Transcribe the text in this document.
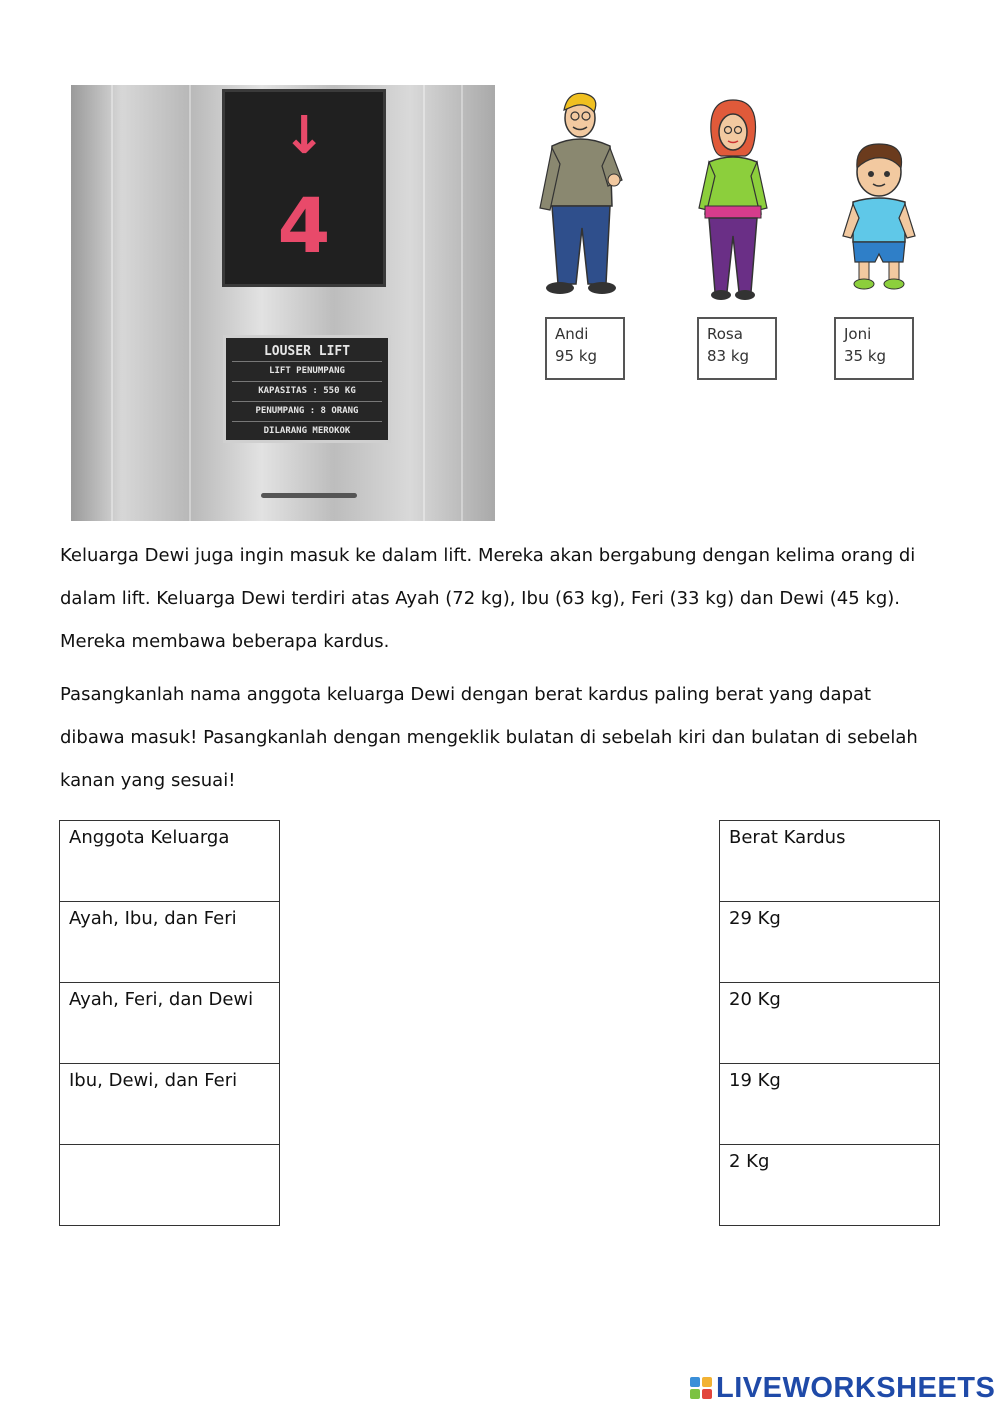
↓
4
LOUSER LIFT
LIFT PENUMPANG
KAPASITAS : 550 KG
PENUMPANG : 8 ORANG
DILARANG MEROKOK
Andi
95 kg
Rosa
83 kg
Joni
35 kg
Keluarga Dewi juga ingin masuk ke dalam lift. Mereka akan bergabung dengan kelima orang di dalam lift. Keluarga Dewi terdiri atas Ayah (72 kg), Ibu (63 kg), Feri (33 kg) dan Dewi (45 kg). Mereka membawa beberapa kardus.
Pasangkanlah nama anggota keluarga Dewi dengan berat kardus paling berat yang dapat dibawa masuk! Pasangkanlah dengan mengeklik bulatan di sebelah kiri dan bulatan di sebelah kanan yang sesuai!
Anggota Keluarga
Ayah, Ibu, dan Feri
Ayah, Feri, dan Dewi
Ibu, Dewi, dan Feri

Berat Kardus
29 Kg
20 Kg
19 Kg
2 Kg
LIVEWORKSHEETS
